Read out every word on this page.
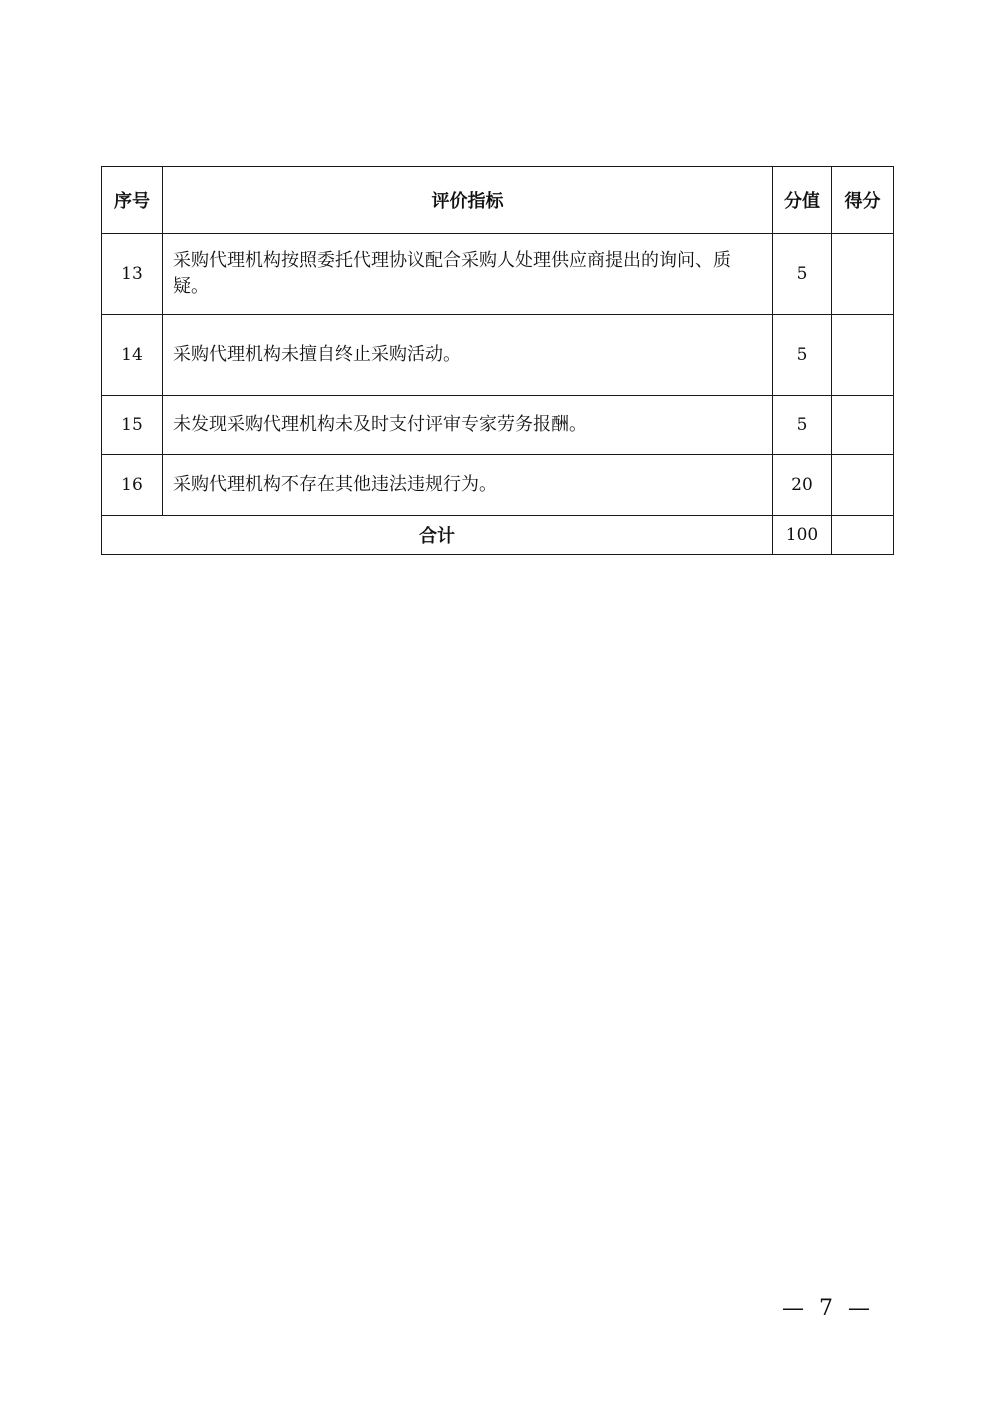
序号	评价指标	分值	得分
13	采购代理机构按照委托代理协议配合采购人处理供应商提出的询问、质疑。	5	
14	采购代理机构未擅自终止采购活动。	5	
15	未发现采购代理机构未及时支付评审专家劳务报酬。	5	
16	采购代理机构不存在其他违法违规行为。	20	
合计		100	
— 7 —
